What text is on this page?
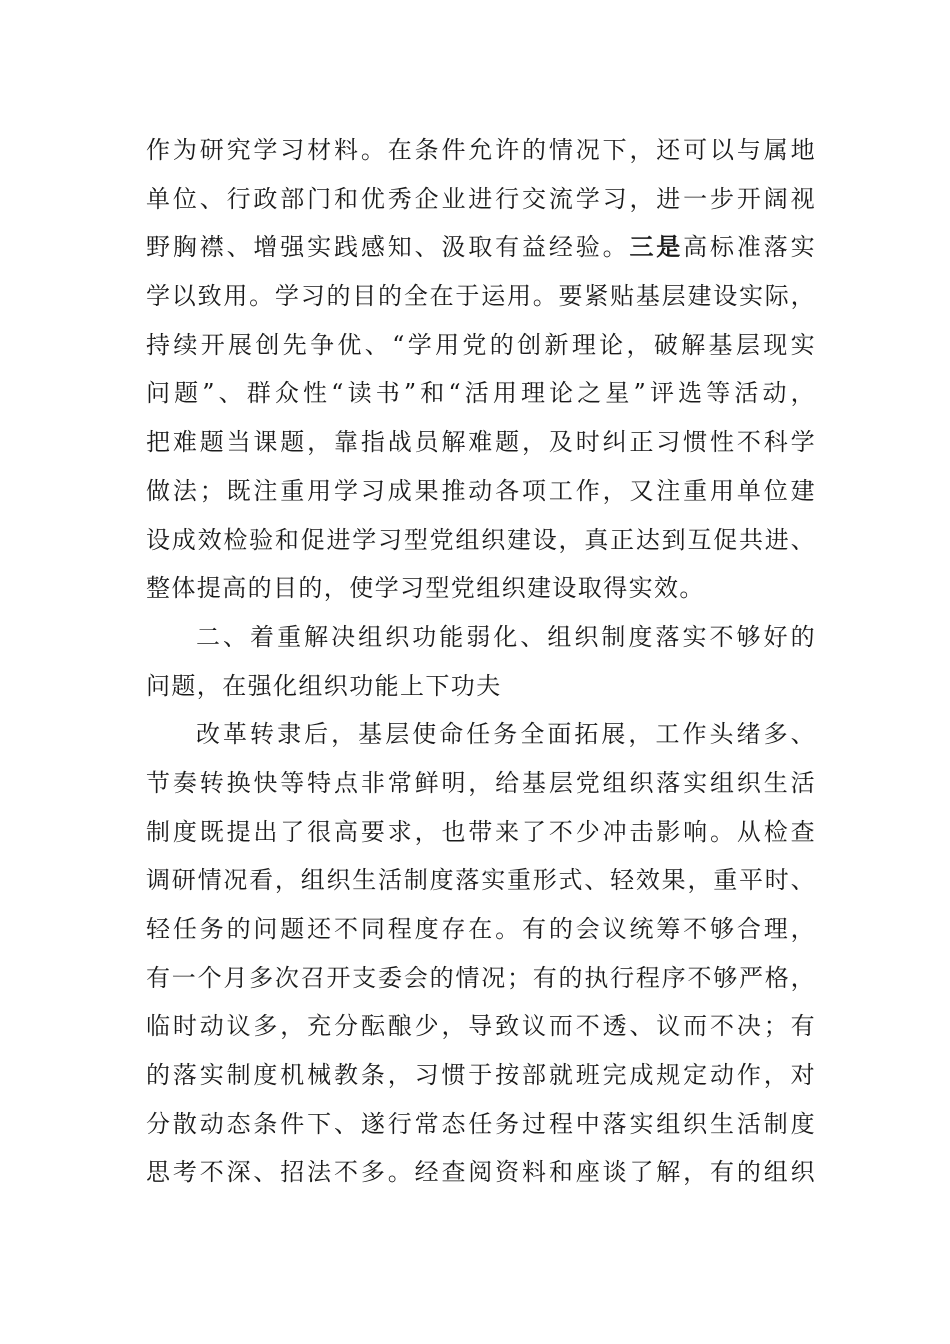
作为研究学习材料。在条件允许的情况下，还可以与属地
单位、行政部门和优秀企业进行交流学习，进一步开阔视
野胸襟、增强实践感知、汲取有益经验。三是高标准落实
学以致用。学习的目的全在于运用。要紧贴基层建设实际，
持续开展创先争优、“学用党的创新理论，破解基层现实
问题”、群众性“读书”和“活用理论之星”评选等活动，
把难题当课题，靠指战员解难题，及时纠正习惯性不科学
做法；既注重用学习成果推动各项工作，又注重用单位建
设成效检验和促进学习型党组织建设，真正达到互促共进、
整体提高的目的，使学习型党组织建设取得实效。
二、着重解决组织功能弱化、组织制度落实不够好的
问题，在强化组织功能上下功夫
改革转隶后，基层使命任务全面拓展，工作头绪多、
节奏转换快等特点非常鲜明，给基层党组织落实组织生活
制度既提出了很高要求，也带来了不少冲击影响。从检查
调研情况看，组织生活制度落实重形式、轻效果，重平时、
轻任务的问题还不同程度存在。有的会议统筹不够合理，
有一个月多次召开支委会的情况；有的执行程序不够严格，
临时动议多，充分酝酿少，导致议而不透、议而不决；有
的落实制度机械教条，习惯于按部就班完成规定动作，对
分散动态条件下、遂行常态任务过程中落实组织生活制度
思考不深、招法不多。经查阅资料和座谈了解，有的组织
